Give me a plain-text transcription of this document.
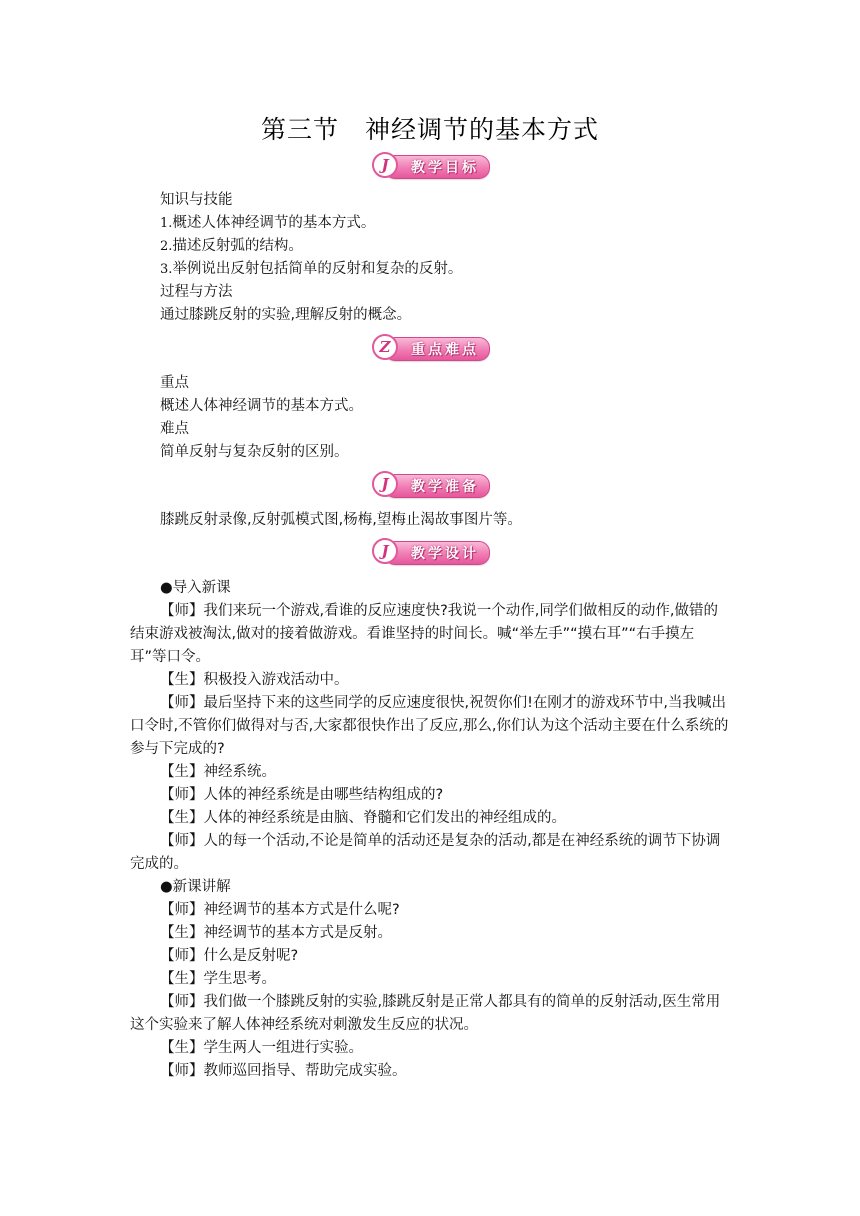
第三节　神经调节的基本方式
教学目标
J
知识与技能
1.概述人体神经调节的基本方式。
2.描述反射弧的结构。
3.举例说出反射包括简单的反射和复杂的反射。
过程与方法
通过膝跳反射的实验,理解反射的概念。
重点难点
Z
重点
概述人体神经调节的基本方式。
难点
简单反射与复杂反射的区别。
教学准备
J
膝跳反射录像,反射弧模式图,杨梅,望梅止渴故事图片等。
教学设计
J
●导入新课
【师】我们来玩一个游戏,看谁的反应速度快?我说一个动作,同学们做相反的动作,做错的结束游戏被淘汰,做对的接着做游戏。看谁坚持的时间长。喊“举左手”“摸右耳”“右手摸左耳”等口令。
【生】积极投入游戏活动中。
【师】最后坚持下来的这些同学的反应速度很快,祝贺你们!在刚才的游戏环节中,当我喊出口令时,不管你们做得对与否,大家都很快作出了反应,那么,你们认为这个活动主要在什么系统的参与下完成的?
【生】神经系统。
【师】人体的神经系统是由哪些结构组成的?
【生】人体的神经系统是由脑、脊髓和它们发出的神经组成的。
【师】人的每一个活动,不论是简单的活动还是复杂的活动,都是在神经系统的调节下协调完成的。
●新课讲解
【师】神经调节的基本方式是什么呢?
【生】神经调节的基本方式是反射。
【师】什么是反射呢?
【生】学生思考。
【师】我们做一个膝跳反射的实验,膝跳反射是正常人都具有的简单的反射活动,医生常用这个实验来了解人体神经系统对刺激发生反应的状况。
【生】学生两人一组进行实验。
【师】教师巡回指导、帮助完成实验。
